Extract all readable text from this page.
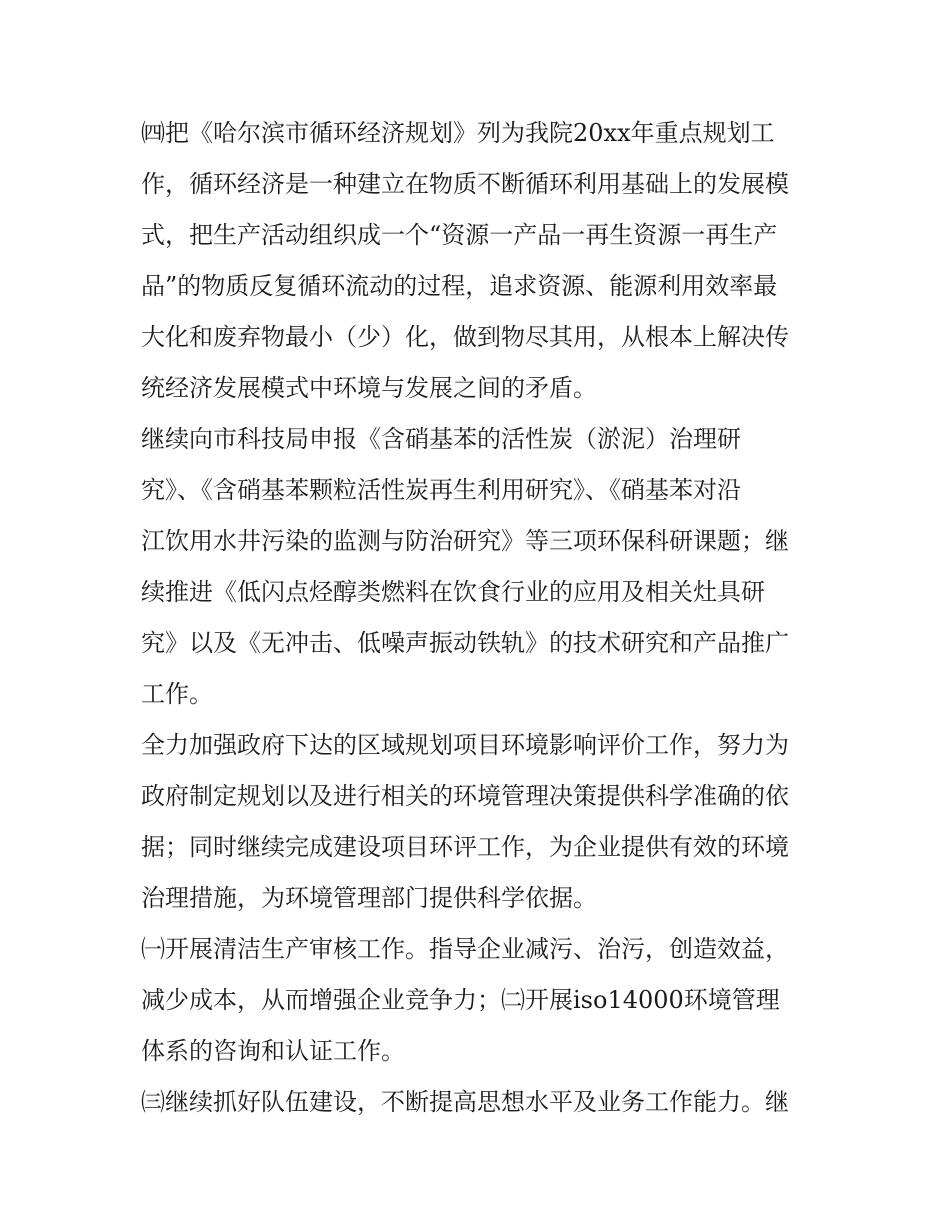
㈣把《哈尔滨市循环经济规划》列为我院20xx年重点规划工
作，循环经济是一种建立在物质不断循环利用基础上的发展模
式，把生产活动组织成一个“资源一产品一再生资源一再生产
品”的物质反复循环流动的过程，追求资源、能源利用效率最
大化和废弃物最小（少）化，做到物尽其用，从根本上解决传
统经济发展模式中环境与发展之间的矛盾。
继续向市科技局申报《含硝基苯的活性炭（淤泥）治理研
究》、《含硝基苯颗粒活性炭再生利用研究》、《硝基苯对沿
江饮用水井污染的监测与防治研究》等三项环保科研课题；继
续推进《低闪点烃醇类燃料在饮食行业的应用及相关灶具研
究》以及《无冲击、低噪声振动铁轨》的技术研究和产品推广
工作。
全力加强政府下达的区域规划项目环境影响评价工作，努力为
政府制定规划以及进行相关的环境管理决策提供科学准确的依
据；同时继续完成建设项目环评工作，为企业提供有效的环境
治理措施，为环境管理部门提供科学依据。
㈠开展清洁生产审核工作。指导企业减污、治污，创造效益，
减少成本，从而增强企业竞争力；㈡开展iso14000环境管理
体系的咨询和认证工作。
㈢继续抓好队伍建设，不断提高思想水平及业务工作能力。继
